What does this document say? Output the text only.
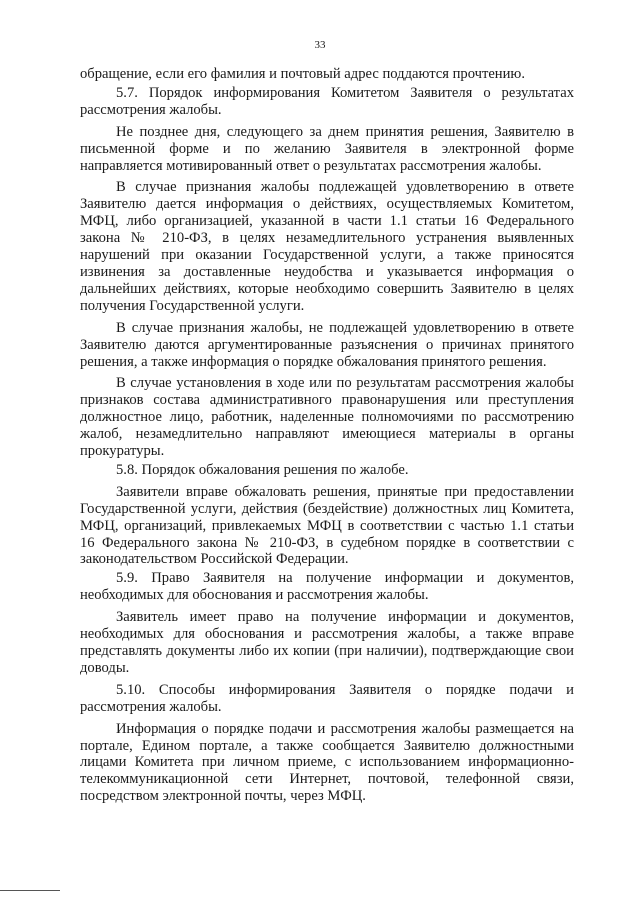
33

обращение, если его фамилия и почтовый адрес поддаются прочтению.

5.7. Порядок информирования Комитетом Заявителя о результатах рассмотрения жалобы.

Не позднее дня, следующего за днем принятия решения, Заявителю в письменной форме и по желанию Заявителя в электронной форме направляется мотивированный ответ о результатах рассмотрения жалобы.

В случае признания жалобы подлежащей удовлетворению в ответе Заявителю дается информация о действиях, осуществляемых Комитетом, МФЦ, либо организацией, указанной в части 1.1 статьи 16 Федерального закона № 210-ФЗ, в целях незамедлительного устранения выявленных нарушений при оказании Государственной услуги, а также приносятся извинения за доставленные неудобства и указывается информация о дальнейших действиях, которые необходимо совершить Заявителю в целях получения Государственной услуги.

В случае признания жалобы, не подлежащей удовлетворению в ответе Заявителю даются аргументированные разъяснения о причинах принятого решения, а также информация о порядке обжалования принятого решения.

В случае установления в ходе или по результатам рассмотрения жалобы признаков состава административного правонарушения или преступления должностное лицо, работник, наделенные полномочиями по рассмотрению жалоб, незамедлительно направляют имеющиеся материалы в органы прокуратуры.

5.8. Порядок обжалования решения по жалобе.

Заявители вправе обжаловать решения, принятые при предоставлении Государственной услуги, действия (бездействие) должностных лиц Комитета, МФЦ, организаций, привлекаемых МФЦ в соответствии с частью 1.1 статьи 16 Федерального закона № 210-ФЗ, в судебном порядке в соответствии с законодательством Российской Федерации.

5.9. Право Заявителя на получение информации и документов, необходимых для обоснования и рассмотрения жалобы.

Заявитель имеет право на получение информации и документов, необходимых для обоснования и рассмотрения жалобы, а также вправе представлять документы либо их копии (при наличии), подтверждающие свои доводы.

5.10. Способы информирования Заявителя о порядке подачи и рассмотрения жалобы.

Информация о порядке подачи и рассмотрения жалобы размещается на портале, Едином портале, а также сообщается Заявителю должностными лицами Комитета при личном приеме, с использованием информационно-телекоммуникационной сети Интернет, почтовой, телефонной связи, посредством электронной почты, через МФЦ.
